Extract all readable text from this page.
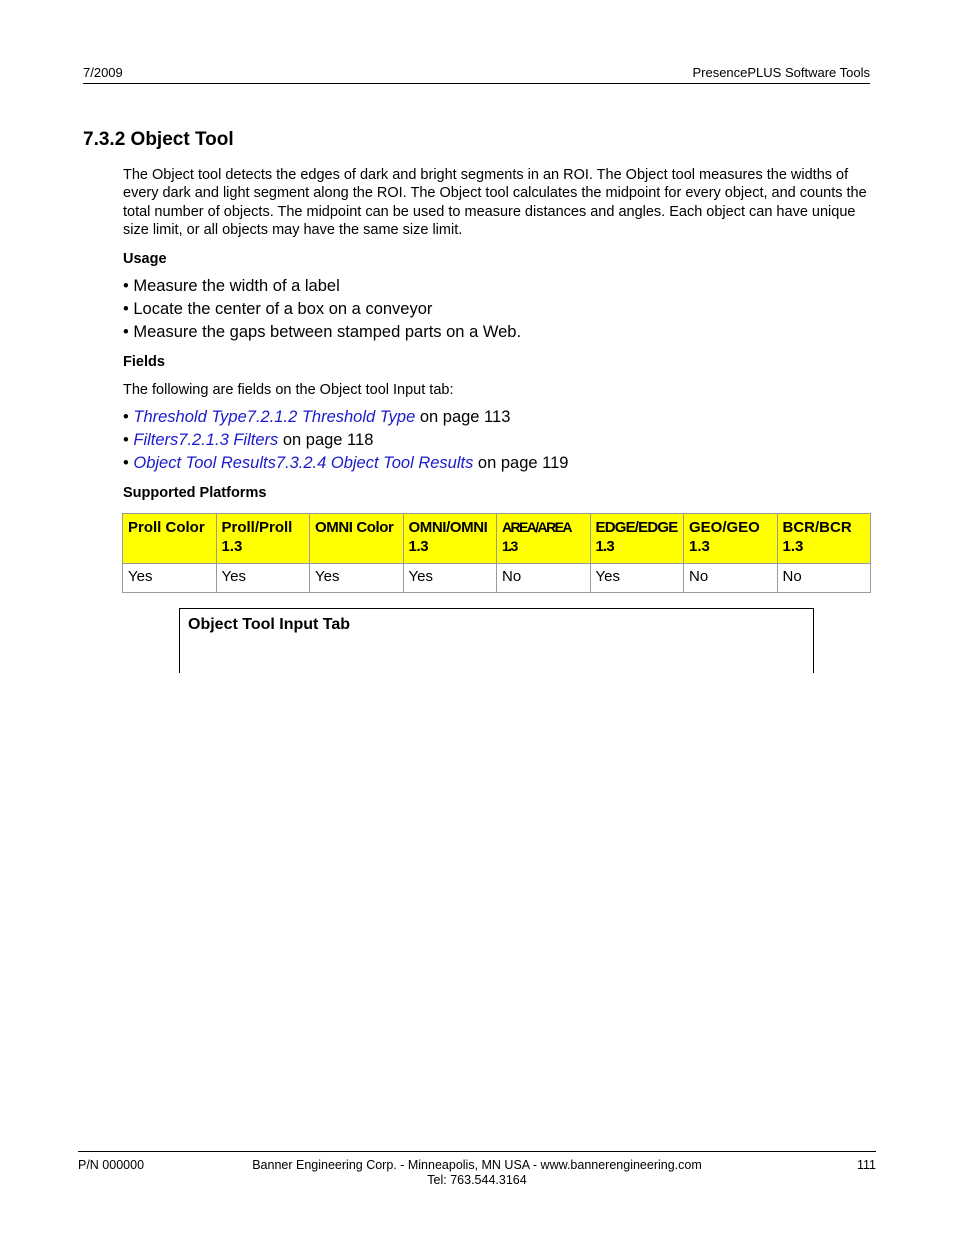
7/2009	PresencePLUS Software Tools
7.3.2 Object Tool
The Object tool detects the edges of dark and bright segments in an ROI. The Object tool measures the widths of every dark and light segment along the ROI. The Object tool calculates the midpoint for every object, and counts the total number of objects. The midpoint can be used to measure distances and angles. Each object can have unique size limit, or all objects may have the same size limit.
Usage
• Measure the width of a label
• Locate the center of a box on a conveyor
• Measure the gaps between stamped parts on a Web.
Fields
The following are fields on the Object tool Input tab:
• Threshold Type7.2.1.2 Threshold Type on page 113
• Filters7.2.1.3 Filters on page 118
• Object Tool Results7.3.2.4 Object Tool Results on page 119
Supported Platforms
Proll Color	Proll/Proll 1.3	OMNI Color	OMNI/OMNI 1.3	AREA/AREA 1.3	EDGE/EDGE 1.3	GEO/GEO 1.3	BCR/BCR 1.3
Yes	Yes	Yes	Yes	No	Yes	No	No
Object Tool Input Tab
P/N 000000	Banner Engineering Corp. - Minneapolis, MN USA - www.bannerengineering.com
Tel: 763.544.3164
111
